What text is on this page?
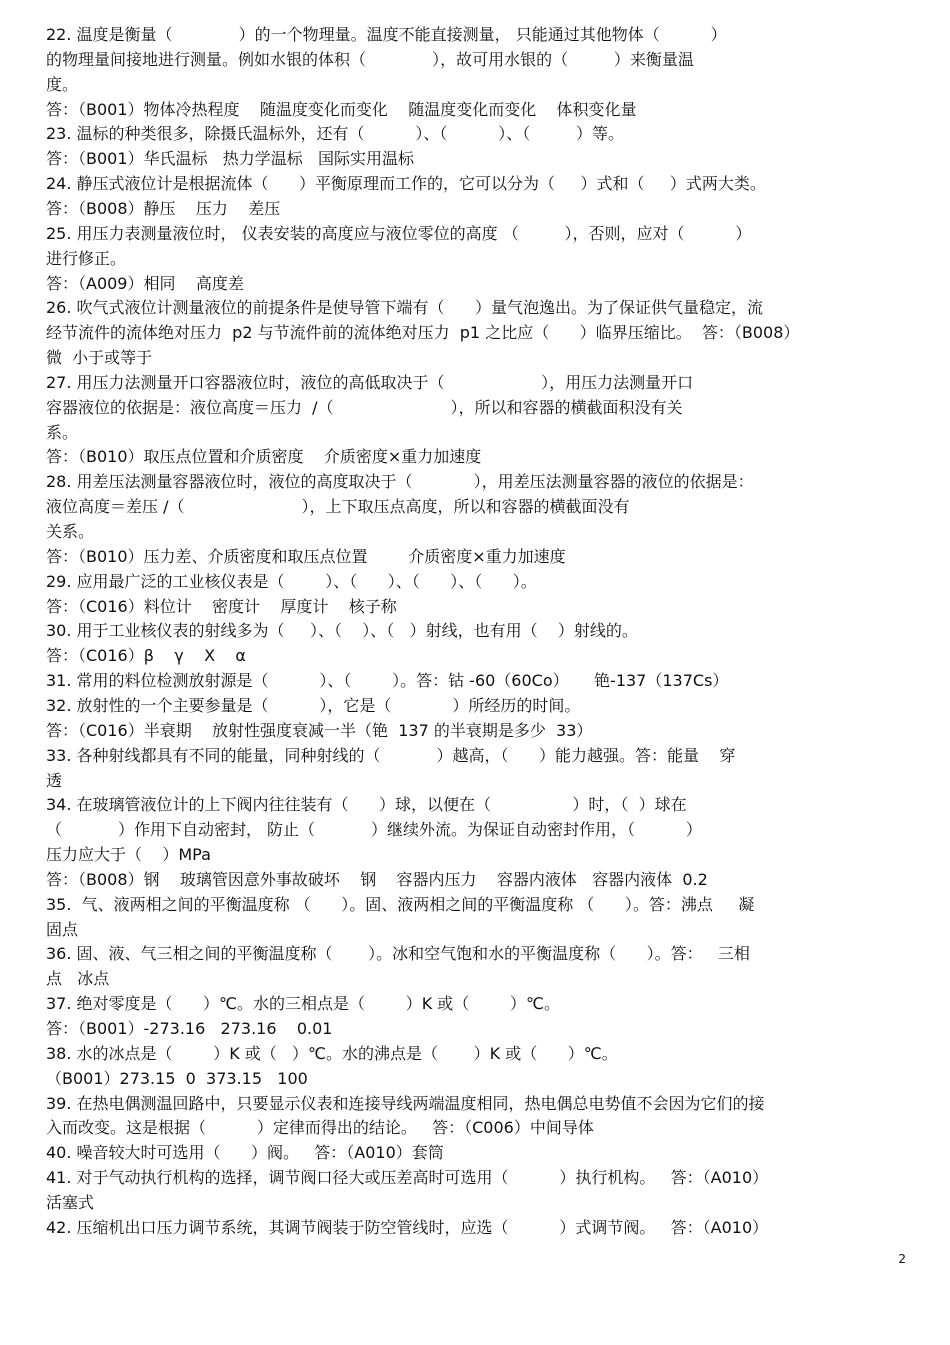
22. 温度是衡量（             ）的一个物理量。温度不能直接测量， 只能通过其他物体（          ）
的物理量间接地进行测量。例如水银的体积（             ），故可用水银的（         ）来衡量温
度。
答：（B001）物体冷热程度    随温度变化而变化    随温度变化而变化    体积变化量
23. 温标的种类很多，除摄氏温标外，还有（          ）、（          ）、（         ）等。
答：（B001）华氏温标   热力学温标   国际实用温标
24. 静压式液位计是根据流体（      ）平衡原理而工作的，它可以分为（     ）式和（     ）式两大类。
答：（B008）静压    压力    差压
25. 用压力表测量液位时， 仪表安装的高度应与液位零位的高度 （         ），否则，应对（          ）
进行修正。
答：（A009）相同    高度差
26. 吹气式液位计测量液位的前提条件是使导管下端有（      ）量气泡逸出。为了保证供气量稳定，流
经节流件的流体绝对压力  p2 与节流件前的流体绝对压力  p1 之比应（      ）临界压缩比。  答：（B008）
微  小于或等于
27. 用压力法测量开口容器液位时，液位的高低取决于（                   ），用压力法测量开口
容器液位的依据是：液位高度＝压力  /（                       ），所以和容器的横截面积没有关
系。
答：（B010）取压点位置和介质密度    介质密度×重力加速度
28. 用差压法测量容器液位时，液位的高度取决于（            ），用差压法测量容器的液位的依据是：
液位高度＝差压 /（                       ），上下取压点高度，所以和容器的横截面没有
关系。
答：（B010）压力差、介质密度和取压点位置        介质密度×重力加速度
29. 应用最广泛的工业核仪表是（        ）、（      ）、（      ）、（      ）。
答：（C016）料位计    密度计    厚度计    核子称
30. 用于工业核仪表的射线多为（     ）、（    ）、（   ）射线，也有用（    ）射线的。
答：（C016）β    γ    X    α
31. 常用的料位检测放射源是（          ）、（        ）。答：钴 -60（60Co）     铯-137（137Cs）
32. 放射性的一个主要参量是（          ），它是（            ）所经历的时间。
答：（C016）半衰期    放射性强度衰减一半（铯  137 的半衰期是多少  33）
33. 各种射线都具有不同的能量，同种射线的（           ）越高，（      ）能力越强。答：能量    穿
透
34. 在玻璃管液位计的上下阀内往往装有（      ）球，以便在（                ）时，（  ）球在
（           ）作用下自动密封， 防止（           ）继续外流。为保证自动密封作用，（          ）
压力应大于（    ）MPa
答：（B008）钢    玻璃管因意外事故破坏    钢    容器内压力    容器内液体   容器内液体  0.2
35.  气、液两相之间的平衡温度称 （      ）。固、液两相之间的平衡温度称 （      ）。答：沸点     凝
固点
36. 固、液、气三相之间的平衡温度称（       ）。冰和空气饱和水的平衡温度称（      ）。答：   三相
点   冰点
37. 绝对零度是（      ）℃。水的三相点是（        ）K 或（        ）℃。
答：（B001）-273.16   273.16    0.01
38. 水的冰点是（        ）K 或（   ）℃。水的沸点是（       ）K 或（      ）℃。
（B001）273.15  0  373.15   100
39. 在热电偶测温回路中，只要显示仪表和连接导线两端温度相同，热电偶总电势值不会因为它们的接
入而改变。这是根据（          ）定律而得出的结论。   答：（C006）中间导体
40. 噪音较大时可选用（      ）阀。   答：（A010）套筒
41. 对于气动执行机构的选择，调节阀口径大或压差高时可选用（          ）执行机构。   答：（A010）
活塞式
42. 压缩机出口压力调节系统，其调节阀装于防空管线时，应选（          ）式调节阀。   答：（A010）
2
